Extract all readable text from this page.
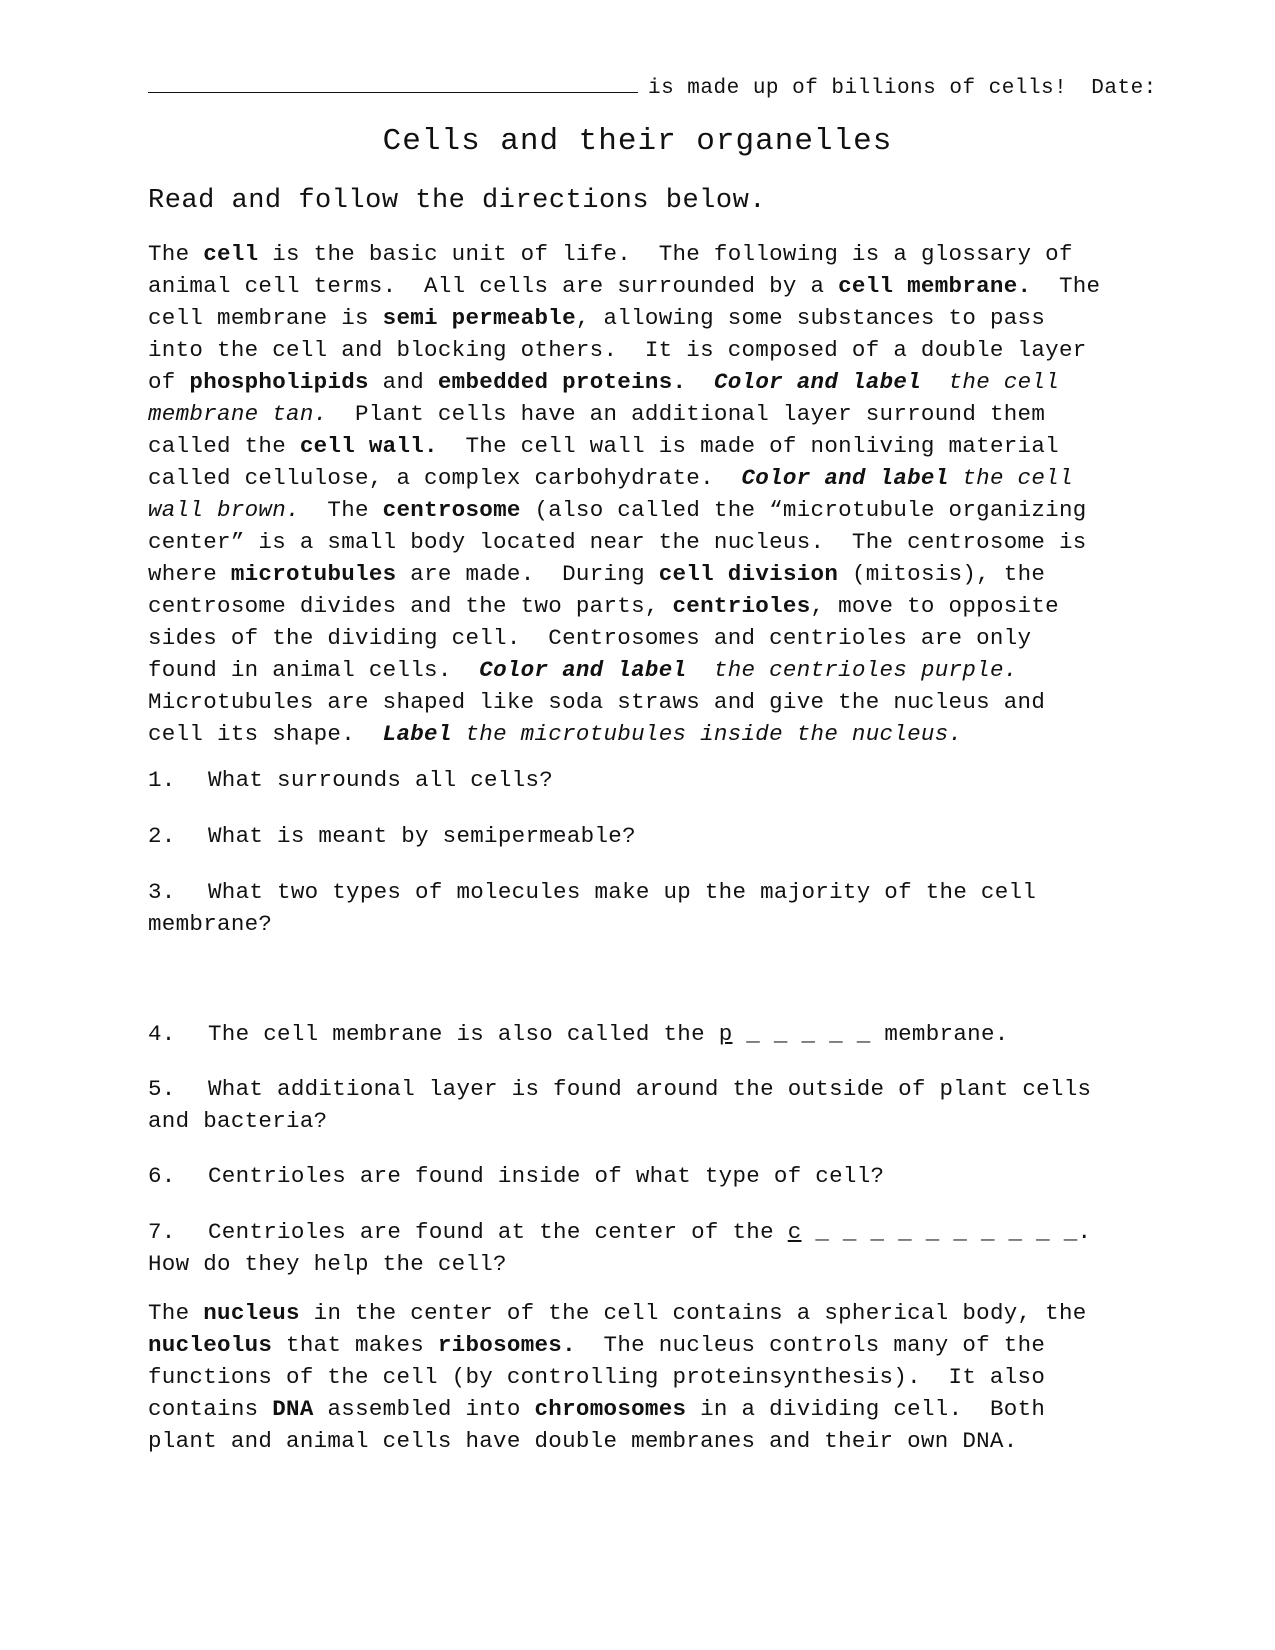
is made up of billions of cells! Date:
Cells and their organelles
Read and follow the directions below.
The cell is the basic unit of life.  The following is a glossary of
animal cell terms.  All cells are surrounded by a cell membrane.  The
cell membrane is semi permeable, allowing some substances to pass
into the cell and blocking others.  It is composed of a double layer
of phospholipids and embedded proteins. Color and label  the cell
membrane tan.  Plant cells have an additional layer surround them
called the cell wall.  The cell wall is made of nonliving material
called cellulose, a complex carbohydrate.  Color and label the cell
wall brown.  The centrosome (also called the “microtubule organizing
center” is a small body located near the nucleus.  The centrosome is
where microtubules are made.  During cell division (mitosis), the
centrosome divides and the two parts, centrioles, move to opposite
sides of the dividing cell.  Centrosomes and centrioles are only
found in animal cells.  Color and label  the centrioles purple.
Microtubules are shaped like soda straws and give the nucleus and
cell its shape.  Label the microtubules inside the nucleus.
1. What surrounds all cells?
2. What is meant by semipermeable?
3. What two types of molecules make up the majority of the cell
membrane?
4. The cell membrane is also called the p _ _ _ _ _ membrane.
5. What additional layer is found around the outside of plant cells
and bacteria?
6. Centrioles are found inside of what type of cell?
7. Centrioles are found at the center of the c _ _ _ _ _ _ _ _ _ _.
How do they help the cell?
The nucleus in the center of the cell contains a spherical body, the
nucleolus that makes ribosomes.  The nucleus controls many of the
functions of the cell (by controlling proteinsynthesis).  It also
contains DNA assembled into chromosomes in a dividing cell.  Both
plant and animal cells have double membranes and their own DNA.
